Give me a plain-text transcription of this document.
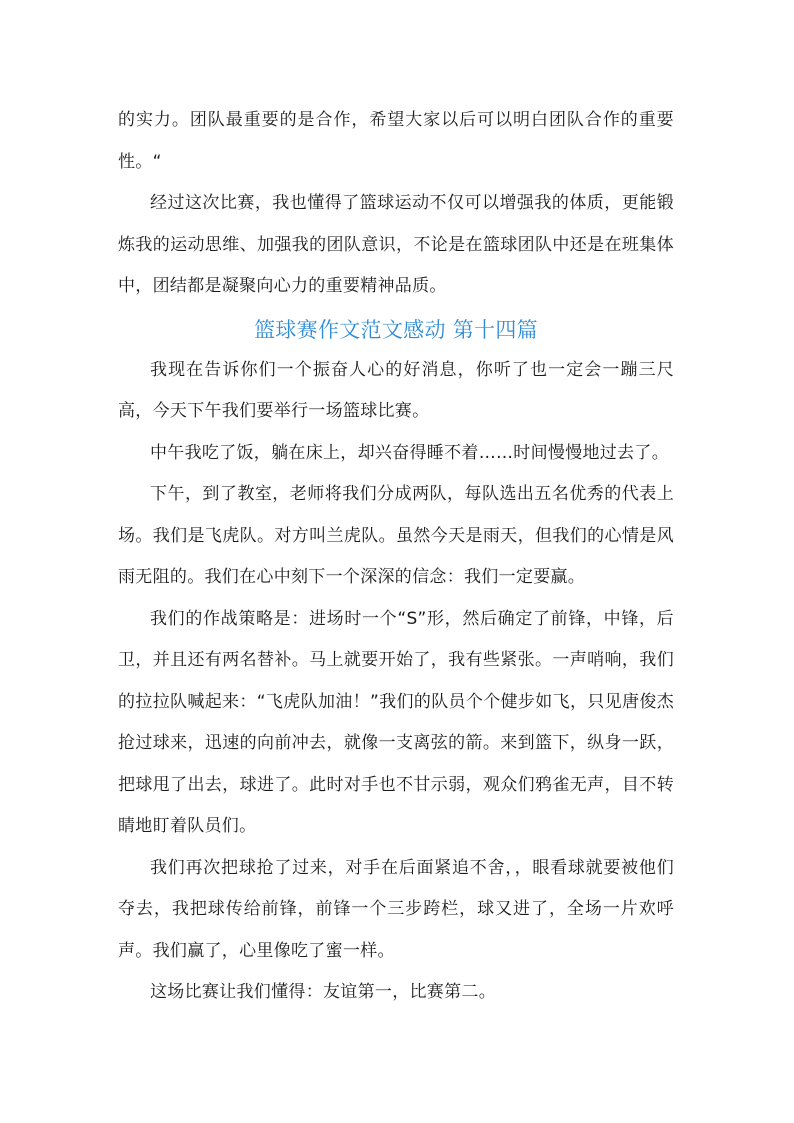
的实力。团队最重要的是合作，希望大家以后可以明白团队合作的重要性。“

经过这次比赛，我也懂得了篮球运动不仅可以增强我的体质，更能锻炼我的运动思维、加强我的团队意识，不论是在篮球团队中还是在班集体中，团结都是凝聚向心力的重要精神品质。

篮球赛作文范文感动 第十四篇

我现在告诉你们一个振奋人心的好消息，你听了也一定会一蹦三尺高，今天下午我们要举行一场篮球比赛。

中午我吃了饭，躺在床上，却兴奋得睡不着……时间慢慢地过去了。

下午，到了教室，老师将我们分成两队，每队选出五名优秀的代表上场。我们是飞虎队。对方叫兰虎队。虽然今天是雨天，但我们的心情是风雨无阻的。我们在心中刻下一个深深的信念：我们一定要赢。

我们的作战策略是：进场时一个“S”形，然后确定了前锋，中锋，后卫，并且还有两名替补。马上就要开始了，我有些紧张。一声哨响，我们的拉拉队喊起来：“飞虎队加油！”我们的队员个个健步如飞，只见唐俊杰抢过球来，迅速的向前冲去，就像一支离弦的箭。来到篮下，纵身一跃，把球甩了出去，球进了。此时对手也不甘示弱，观众们鸦雀无声，目不转睛地盯着队员们。

我们再次把球抢了过来，对手在后面紧追不舍，，眼看球就要被他们夺去，我把球传给前锋，前锋一个三步跨栏，球又进了，全场一片欢呼声。我们赢了，心里像吃了蜜一样。

这场比赛让我们懂得：友谊第一，比赛第二。
